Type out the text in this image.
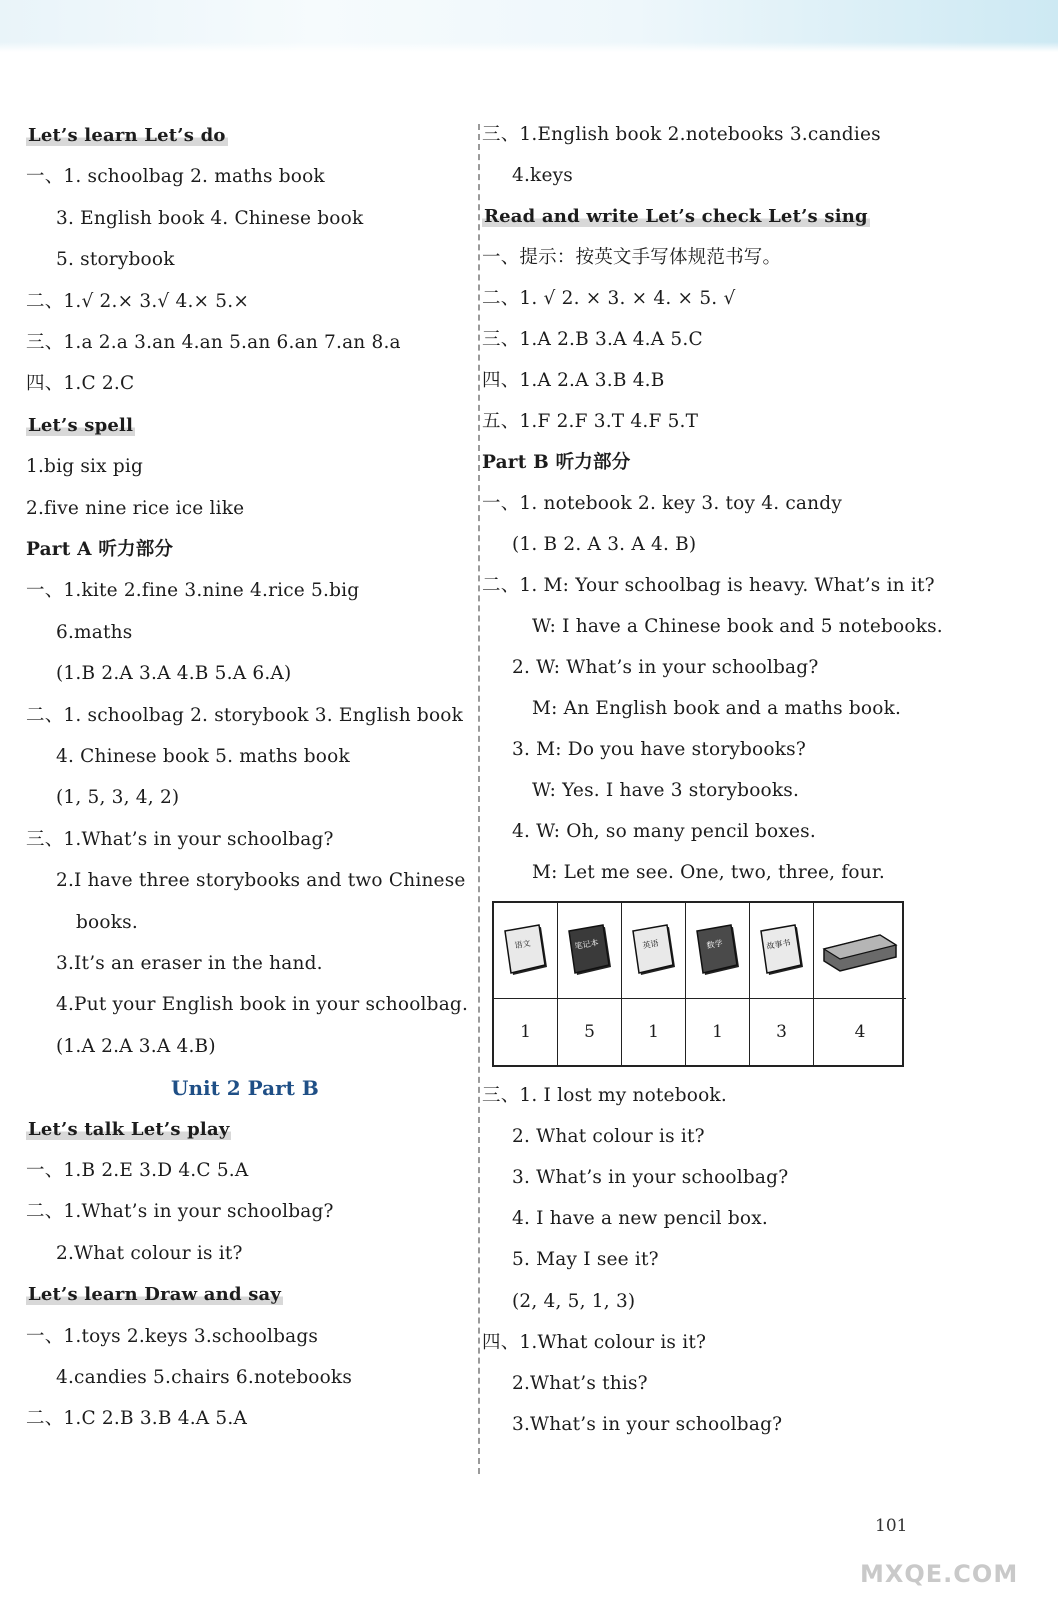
Let’s learn Let’s do
一、1. schoolbag 2. maths book
3. English book 4. Chinese book
5. storybook
二、1.√ 2.× 3.√ 4.× 5.×
三、1.a 2.a 3.an 4.an 5.an 6.an 7.an 8.a
四、1.C 2.C
Let’s spell
1.big six pig
2.five nine rice ice like
Part A 听力部分
一、1.kite 2.fine 3.nine 4.rice 5.big
6.maths
(1.B 2.A 3.A 4.B 5.A 6.A)
二、1. schoolbag 2. storybook 3. English book
4. Chinese book 5. maths book
(1, 5, 3, 4, 2)
三、1.What’s in your schoolbag?
2.I have three storybooks and two Chinese
books.
3.It’s an eraser in the hand.
4.Put your English book in your schoolbag.
(1.A 2.A 3.A 4.B)
Unit 2 Part B
Let’s talk Let’s play
一、1.B 2.E 3.D 4.C 5.A
二、1.What’s in your schoolbag?
2.What colour is it?
Let’s learn Draw and say
一、1.toys 2.keys 3.schoolbags
4.candies 5.chairs 6.notebooks
二、1.C 2.B 3.B 4.A 5.A
三、1.English book 2.notebooks 3.candies
4.keys
Read and write Let’s check Let’s sing
一、提示：按英文手写体规范书写。
二、1. √ 2. × 3. × 4. × 5. √
三、1.A 2.B 3.A 4.A 5.C
四、1.A 2.A 3.B 4.B
五、1.F 2.F 3.T 4.F 5.T
Part B 听力部分
一、1. notebook 2. key 3. toy 4. candy
(1. B 2. A 3. A 4. B)
二、1. M: Your schoolbag is heavy. What’s in it?
W: I have a Chinese book and 5 notebooks.
2. W: What’s in your schoolbag?
M: An English book and a maths book.
3. M: Do you have storybooks?
W: Yes. I have 3 storybooks.
4. W: Oh, so many pencil boxes.
M: Let me see. One, two, three, four.
三、1. I lost my notebook.
2. What colour is it?
3. What’s in your schoolbag?
4. I have a new pencil box.
5. May I see it?
(2, 4, 5, 1, 3)
四、1.What colour is it?
2.What’s this?
3.What’s in your schoolbag?
语文	笔记本	英语	数学	故事书
1	5	1	1	3	4
101
MXQE.COM
